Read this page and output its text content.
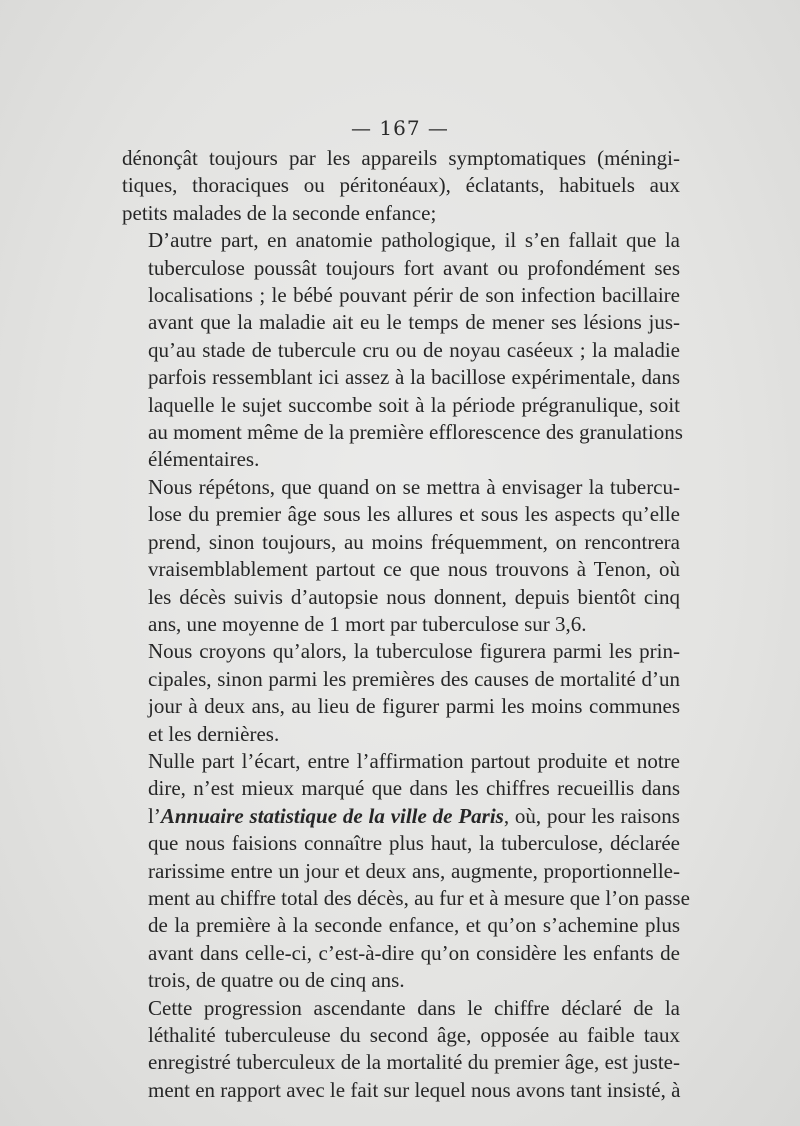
— 167 —

dénonçât toujours par les appareils symptomatiques (méningi-
tiques, thoraciques ou péritonéaux), éclatants, habituels aux
petits malades de la seconde enfance;

D’autre part, en anatomie pathologique, il s’en fallait que la
tuberculose poussât toujours fort avant ou profondément ses
localisations ; le bébé pouvant périr de son infection bacillaire
avant que la maladie ait eu le temps de mener ses lésions jus-
qu’au stade de tubercule cru ou de noyau caséeux ; la maladie
parfois ressemblant ici assez à la bacillose expérimentale, dans
laquelle le sujet succombe soit à la période prégranulique, soit
au moment même de la première efflorescence des granulations
élémentaires.

Nous répétons, que quand on se mettra à envisager la tubercu-
lose du premier âge sous les allures et sous les aspects qu’elle
prend, sinon toujours, au moins fréquemment, on rencontrera
vraisemblablement partout ce que nous trouvons à Tenon, où
les décès suivis d’autopsie nous donnent, depuis bientôt cinq
ans, une moyenne de 1 mort par tuberculose sur 3,6.

Nous croyons qu’alors, la tuberculose figurera parmi les prin-
cipales, sinon parmi les premières des causes de mortalité d’un
jour à deux ans, au lieu de figurer parmi les moins communes
et les dernières.

Nulle part l’écart, entre l’affirmation partout produite et notre
dire, n’est mieux marqué que dans les chiffres recueillis dans
l’Annuaire statistique de la ville de Paris, où, pour les raisons
que nous faisions connaître plus haut, la tuberculose, déclarée
rarissime entre un jour et deux ans, augmente, proportionnelle-
ment au chiffre total des décès, au fur et à mesure que l’on passe
de la première à la seconde enfance, et qu’on s’achemine plus
avant dans celle-ci, c’est-à-dire qu’on considère les enfants de
trois, de quatre ou de cinq ans.

Cette progression ascendante dans le chiffre déclaré de la
léthalité tuberculeuse du second âge, opposée au faible taux
enregistré tuberculeux de la mortalité du premier âge, est juste-
ment en rapport avec le fait sur lequel nous avons tant insisté, à
